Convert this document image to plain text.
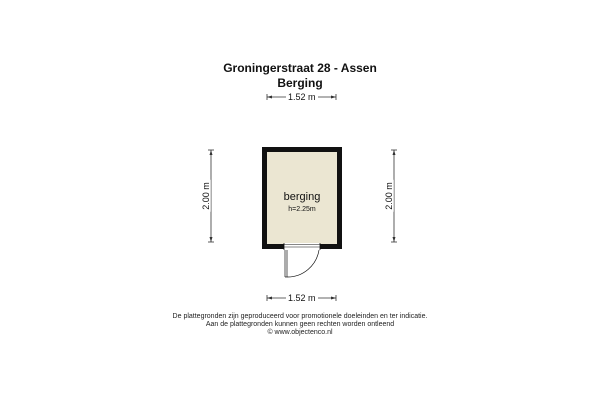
Groningerstraat 28 - Assen
Berging
1.52 m
1.52 m
2.00 m	2.00 m
berging
h=2.25m
De plattegronden zijn geproduceerd voor promotionele doeleinden en ter indicatie.
Aan de plattegronden kunnen geen rechten worden ontleend
© www.objectenco.nl
